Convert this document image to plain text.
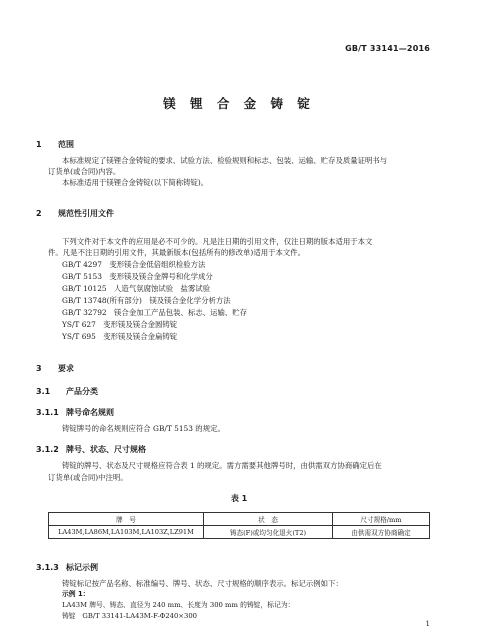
GB/T 33141—2016
镁 锂 合 金 铸 锭
1 范围
本标准规定了镁锂合金铸锭的要求、试验方法、检验规则和标志、包装、运输、贮存及质量证明书与
订货单(或合同)内容。
本标准适用于镁锂合金铸锭(以下简称铸锭)。
2 规范性引用文件
下列文件对于本文件的应用是必不可少的。凡是注日期的引用文件，仅注日期的版本适用于本文
件。凡是不注日期的引用文件，其最新版本(包括所有的修改单)适用于本文件。
GB/T 4297　 变形镁合金低倍组织检验方法
GB/T 5153　 变形镁及镁合金牌号和化学成分
GB/T 10125　 人造气氛腐蚀试验　盐雾试验
GB/T 13748(所有部分)　 镁及镁合金化学分析方法
GB/T 32792　 镁合金加工产品包装、标志、运输、贮存
YS/T 627　 变形镁及镁合金圆铸锭
YS/T 695　 变形镁及镁合金扁铸锭
3 要求
3.1 产品分类
3.1.1 牌号命名规则
铸锭牌号的命名规则应符合 GB/T 5153 的规定。
3.1.2 牌号、状态、尺寸规格
铸锭的牌号、状态及尺寸规格应符合表 1 的规定。需方需要其他牌号时，由供需双方协商确定后在
订货单(或合同)中注明。
表 1
牌　号	状　态	尺寸规格/mm
LA43M,LA86M,LA103M,LA103Z,LZ91M	铸态(F)或均匀化退火(T2)	由供需双方协商确定
3.1.3 标记示例
铸锭标记按产品名称、标准编号、牌号、状态、尺寸规格的顺序表示。标记示例如下：
示例 1：
LA43M 牌号、铸态、直径为 240 mm、长度为 300 mm 的铸锭，标记为：
铸锭　GB/T 33141-LA43M-F-Φ240×300
1
